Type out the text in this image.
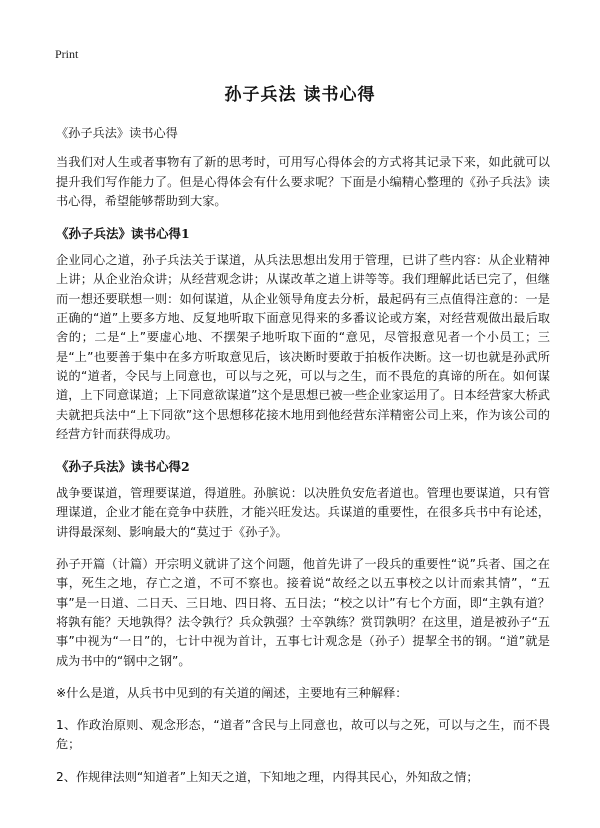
Print
孙子兵法 读书心得

《孙子兵法》读书心得

当我们对人生或者事物有了新的思考时，可用写心得体会的方式将其记录下来，如此就可以提升我们写作能力了。但是心得体会有什么要求呢？下面是小编精心整理的《孙子兵法》读书心得，希望能够帮助到大家。

《孙子兵法》读书心得1

企业同心之道，孙子兵法关于谋道，从兵法思想出发用于管理，已讲了些内容：从企业精神上讲；从企业治众讲；从经营观念讲；从谋改革之道上讲等等。我们理解此话已完了，但继而一想还要联想一则：如何谋道，从企业领导角度去分析，最起码有三点值得注意的：一是正确的“道”上要多方地、反复地听取下面意见得来的多番议论或方案，对经营观做出最后取舍的；二是“上”要虚心地、不摆架子地听取下面的“意见，尽管报意见者一个小员工；三是“上”也要善于集中在多方听取意见后，该决断时要敢于拍板作决断。这一切也就是孙武所说的“道者，令民与上同意也，可以与之死，可以与之生，而不畏危的真谛的所在。如何谋道，上下同意谋道；上下同意欲谋道”这个是思想已被一些企业家运用了。日本经营家大桥武夫就把兵法中“上下同欲”这个思想移花接木地用到他经营东洋精密公司上来，作为该公司的经营方针而获得成功。

《孙子兵法》读书心得2

战争要谋道，管理要谋道，得道胜。孙膑说：以决胜负安危者道也。管理也要谋道，只有管理谋道，企业才能在竞争中获胜，才能兴旺发达。兵谋道的重要性，在很多兵书中有论述，讲得最深刻、影响最大的“莫过于《孙子》。

孙子开篇（计篇）开宗明义就讲了这个问题，他首先讲了一段兵的重要性“说”兵者、国之在事，死生之地，存亡之道，不可不察也。接着说“故经之以五事校之以计而索其情”，“五事”是一日道、二日天、三日地、四日将、五日法；“校之以计”有七个方面，即“主孰有道？将孰有能？天地孰得？法令孰行？兵众孰强？士卒孰练？赏罚孰明？在这里，道是被孙子“五事”中视为“一日”的，七计中视为首计，五事七计观念是（孙子）提挈全书的钢。“道”就是成为书中的“钢中之钢”。

※什么是道，从兵书中见到的有关道的阐述，主要地有三种解释：

1、作政治原则、观念形态，“道者”含民与上同意也，故可以与之死，可以与之生，而不畏危；

2、作规律法则“知道者”上知天之道，下知地之理，内得其民心，外知敌之情；
